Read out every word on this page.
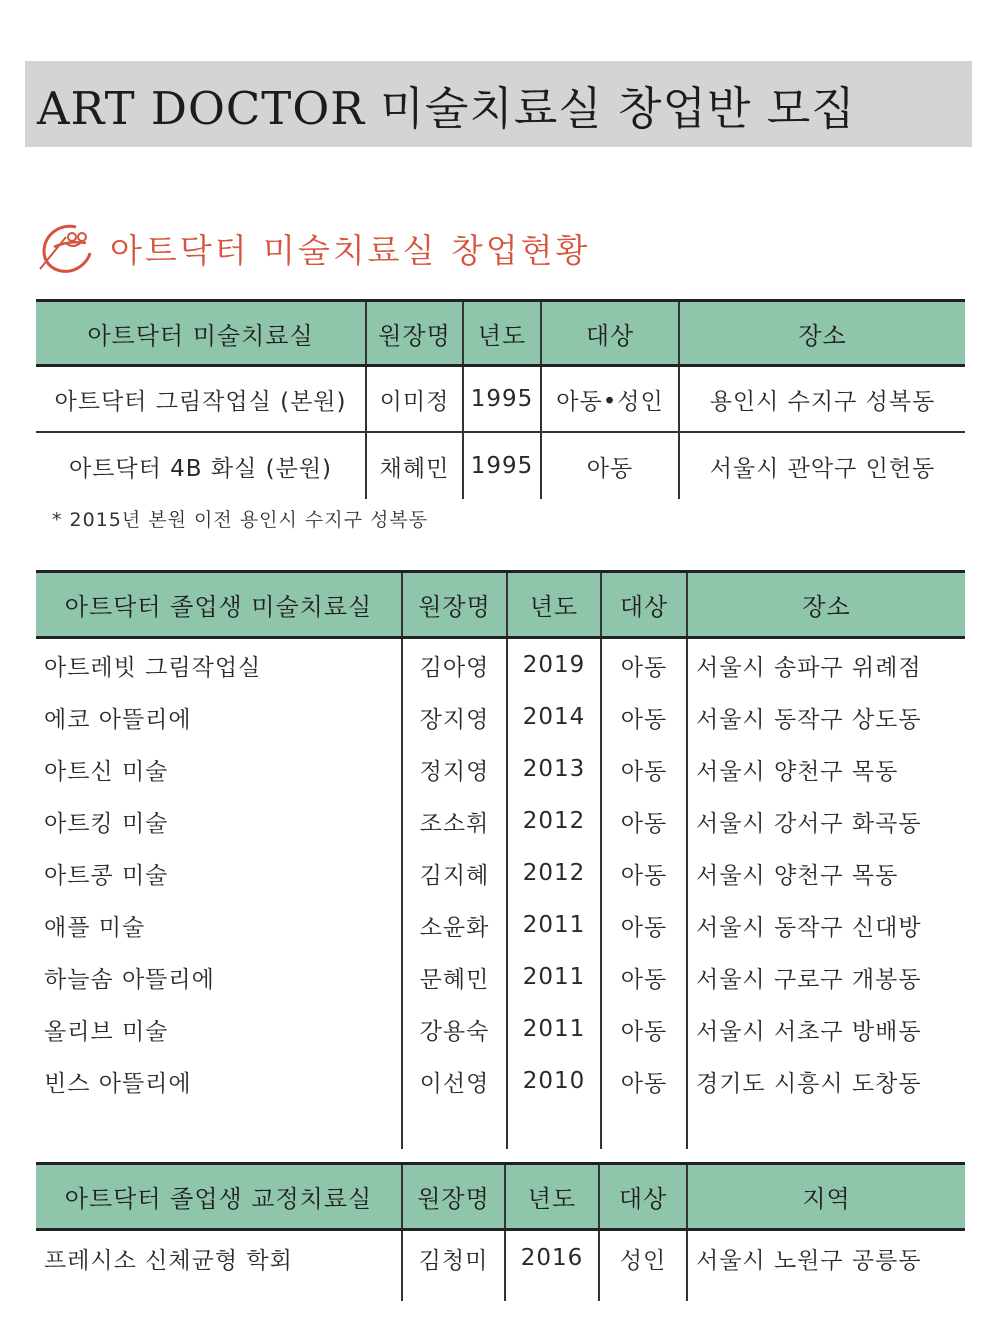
ART DOCTOR 미술치료실 창업반 모집
아트닥터 미술치료실 창업현황
아트닥터 미술치료실	원장명	년도	대상	장소
아트닥터 그림작업실 (본원)	이미정	1995	아동•성인	용인시 수지구 성복동
아트닥터 4B 화실 (분원)	채혜민	1995	아동	서울시 관악구 인헌동
* 2015년 본원 이전 용인시 수지구 성복동
아트닥터 졸업생 미술치료실	원장명	년도	대상	장소
아트레빗 그림작업실	김아영	2019	아동	서울시 송파구 위례점
에코 아뜰리에	장지영	2014	아동	서울시 동작구 상도동
아트신 미술	정지영	2013	아동	서울시 양천구 목동
아트킹 미술	조소휘	2012	아동	서울시 강서구 화곡동
아트콩 미술	김지혜	2012	아동	서울시 양천구 목동
애플 미술	소윤화	2011	아동	서울시 동작구 신대방
하늘솜 아뜰리에	문혜민	2011	아동	서울시 구로구 개봉동
올리브 미술	강용숙	2011	아동	서울시 서초구 방배동
빈스 아뜰리에	이선영	2010	아동	경기도 시흥시 도창동

아트닥터 졸업생 교정치료실	원장명	년도	대상	지역
프레시소 신체균형 학회	김청미	2016	성인	서울시 노원구 공릉동
